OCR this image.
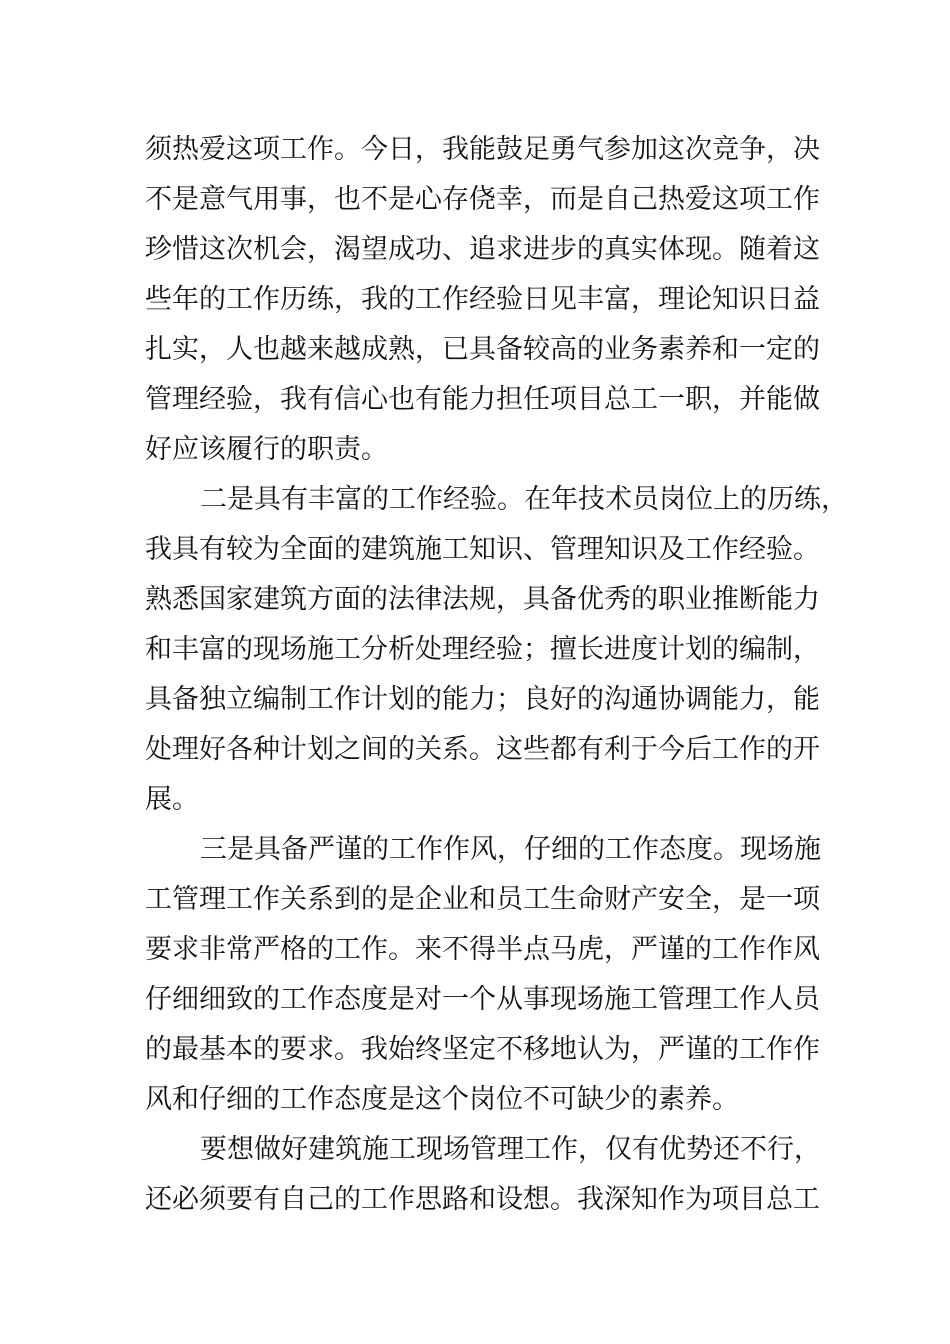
须热爱这项工作。今日，我能鼓足勇气参加这次竞争，决
不是意气用事，也不是心存侥幸，而是自己热爱这项工作
珍惜这次机会，渴望成功、追求进步的真实体现。随着这
些年的工作历练，我的工作经验日见丰富，理论知识日益
扎实，人也越来越成熟，已具备较高的业务素养和一定的
管理经验，我有信心也有能力担任项目总工一职，并能做
好应该履行的职责。
二是具有丰富的工作经验。在年技术员岗位上的历练，
我具有较为全面的建筑施工知识、管理知识及工作经验。
熟悉国家建筑方面的法律法规，具备优秀的职业推断能力
和丰富的现场施工分析处理经验；擅长进度计划的编制，
具备独立编制工作计划的能力；良好的沟通协调能力，能
处理好各种计划之间的关系。这些都有利于今后工作的开
展。
三是具备严谨的工作作风，仔细的工作态度。现场施
工管理工作关系到的是企业和员工生命财产安全，是一项
要求非常严格的工作。来不得半点马虎，严谨的工作作风
仔细细致的工作态度是对一个从事现场施工管理工作人员
的最基本的要求。我始终坚定不移地认为，严谨的工作作
风和仔细的工作态度是这个岗位不可缺少的素养。
要想做好建筑施工现场管理工作，仅有优势还不行，
还必须要有自己的工作思路和设想。我深知作为项目总工
